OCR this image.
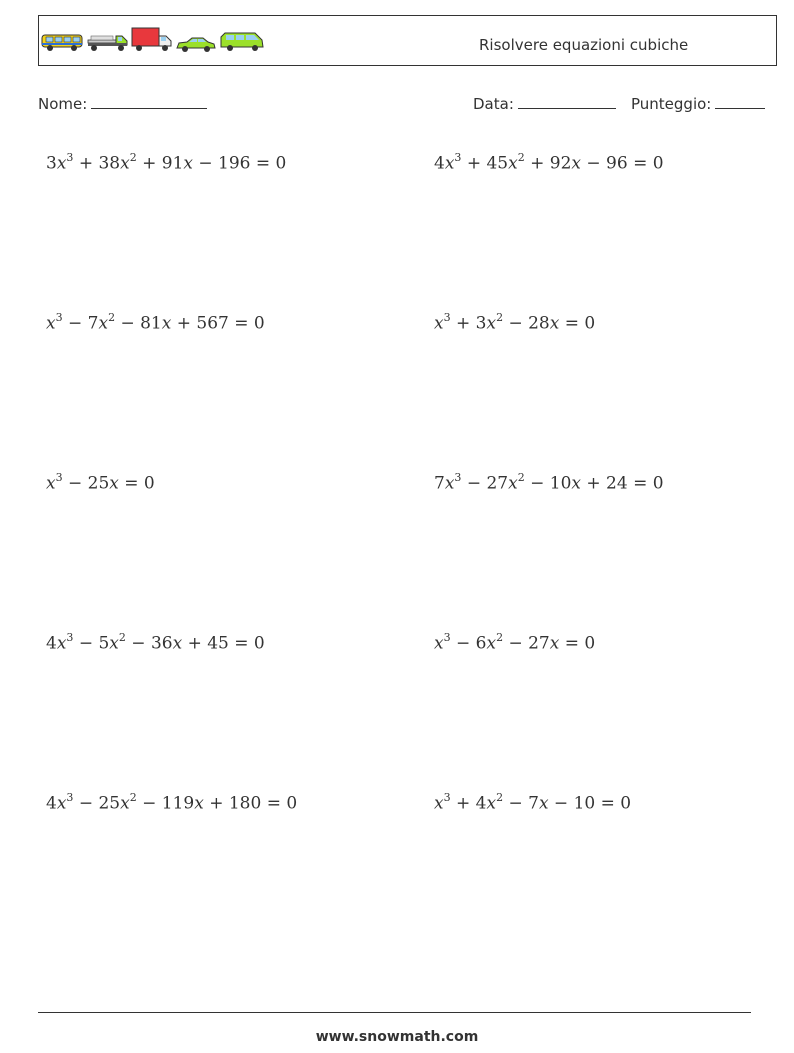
Risolvere equazioni cubiche
Nome:	Data:	Punteggio:
$3x^3 + 38x^2 + 91x - 196 = 0$	$4x^3 + 45x^2 + 92x - 96 = 0$
$x^3 - 7x^2 - 81x + 567 = 0$	$x^3 + 3x^2 - 28x = 0$
$x^3 - 25x = 0$	$7x^3 - 27x^2 - 10x + 24 = 0$
$4x^3 - 5x^2 - 36x + 45 = 0$	$x^3 - 6x^2 - 27x = 0$
$4x^3 - 25x^2 - 119x + 180 = 0$	$x^3 + 4x^2 - 7x - 10 = 0$
www.snowmath.com
